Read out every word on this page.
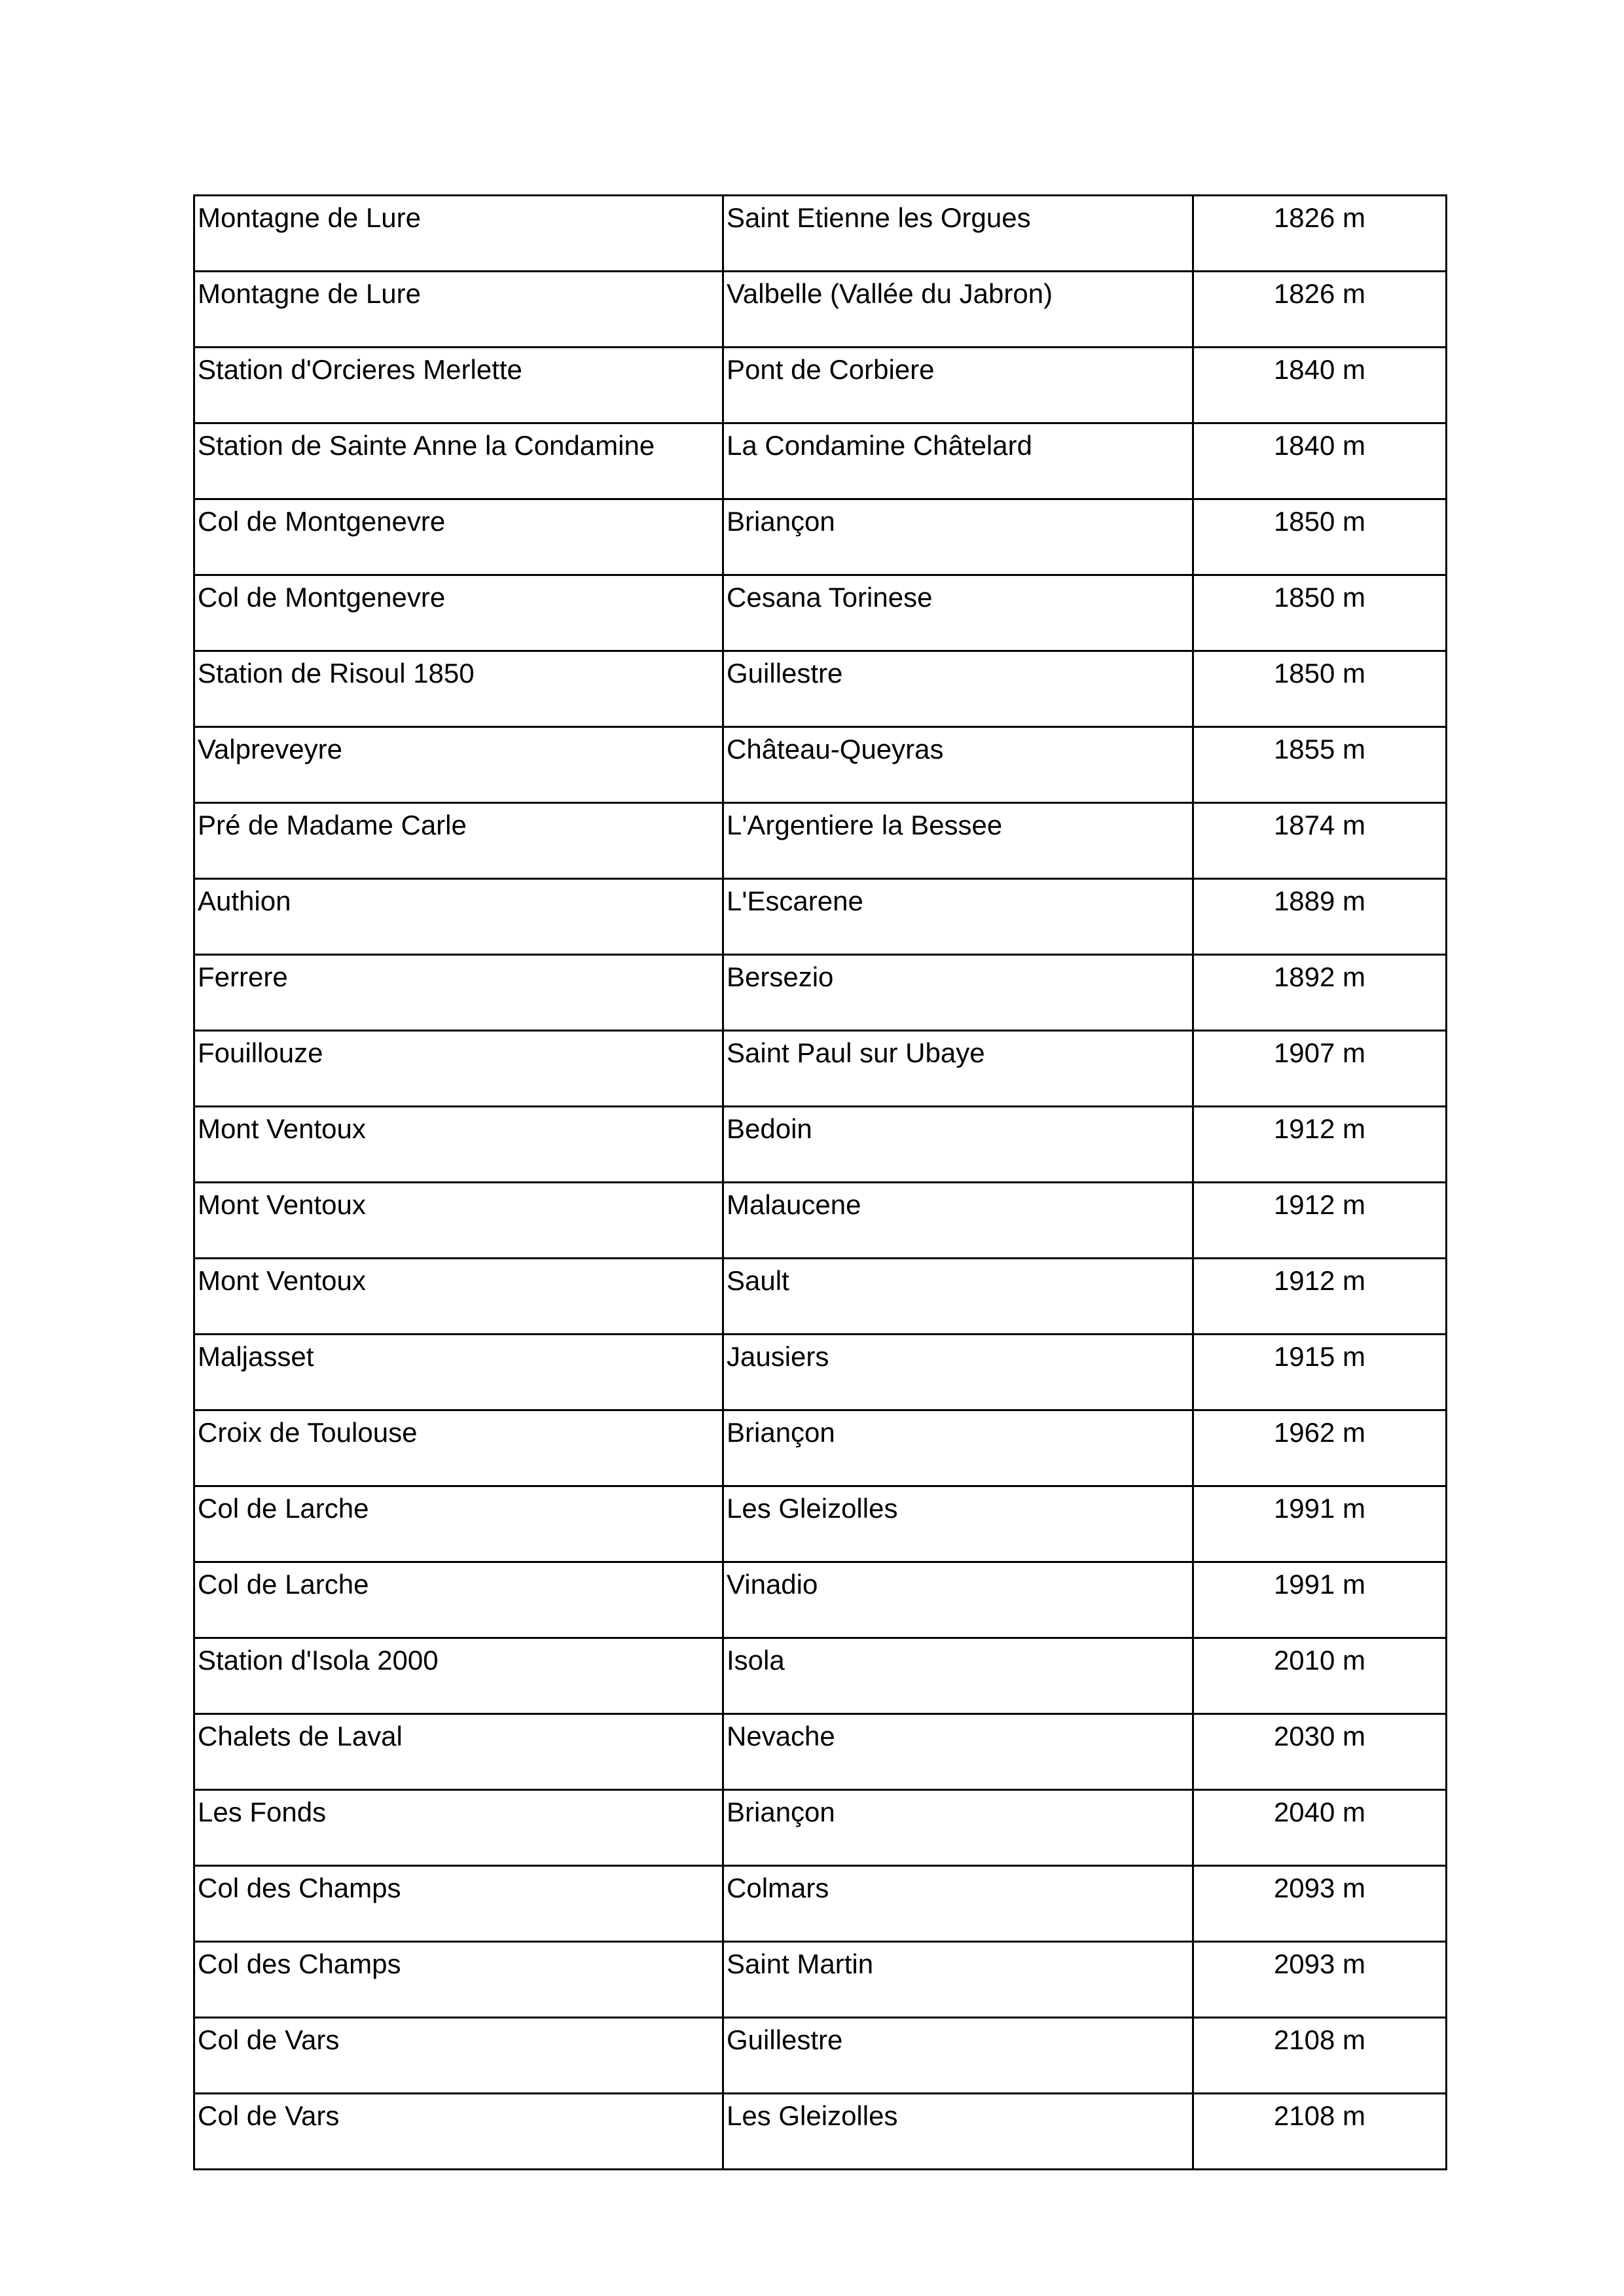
Montagne de Lure	Saint Etienne les Orgues	1826 m
Montagne de Lure	Valbelle (Vallée du Jabron)	1826 m
Station d'Orcieres Merlette	Pont de Corbiere	1840 m
Station de Sainte Anne la Condamine	La Condamine Châtelard	1840 m
Col de Montgenevre	Briançon	1850 m
Col de Montgenevre	Cesana Torinese	1850 m
Station de Risoul 1850	Guillestre	1850 m
Valpreveyre	Château-Queyras	1855 m
Pré de Madame Carle	L'Argentiere la Bessee	1874 m
Authion	L'Escarene	1889 m
Ferrere	Bersezio	1892 m
Fouillouze	Saint Paul sur Ubaye	1907 m
Mont Ventoux	Bedoin	1912 m
Mont Ventoux	Malaucene	1912 m
Mont Ventoux	Sault	1912 m
Maljasset	Jausiers	1915 m
Croix de Toulouse	Briançon	1962 m
Col de Larche	Les Gleizolles	1991 m
Col de Larche	Vinadio	1991 m
Station d'Isola 2000	Isola	2010 m
Chalets de Laval	Nevache	2030 m
Les Fonds	Briançon	2040 m
Col des Champs	Colmars	2093 m
Col des Champs	Saint Martin	2093 m
Col de Vars	Guillestre	2108 m
Col de Vars	Les Gleizolles	2108 m
